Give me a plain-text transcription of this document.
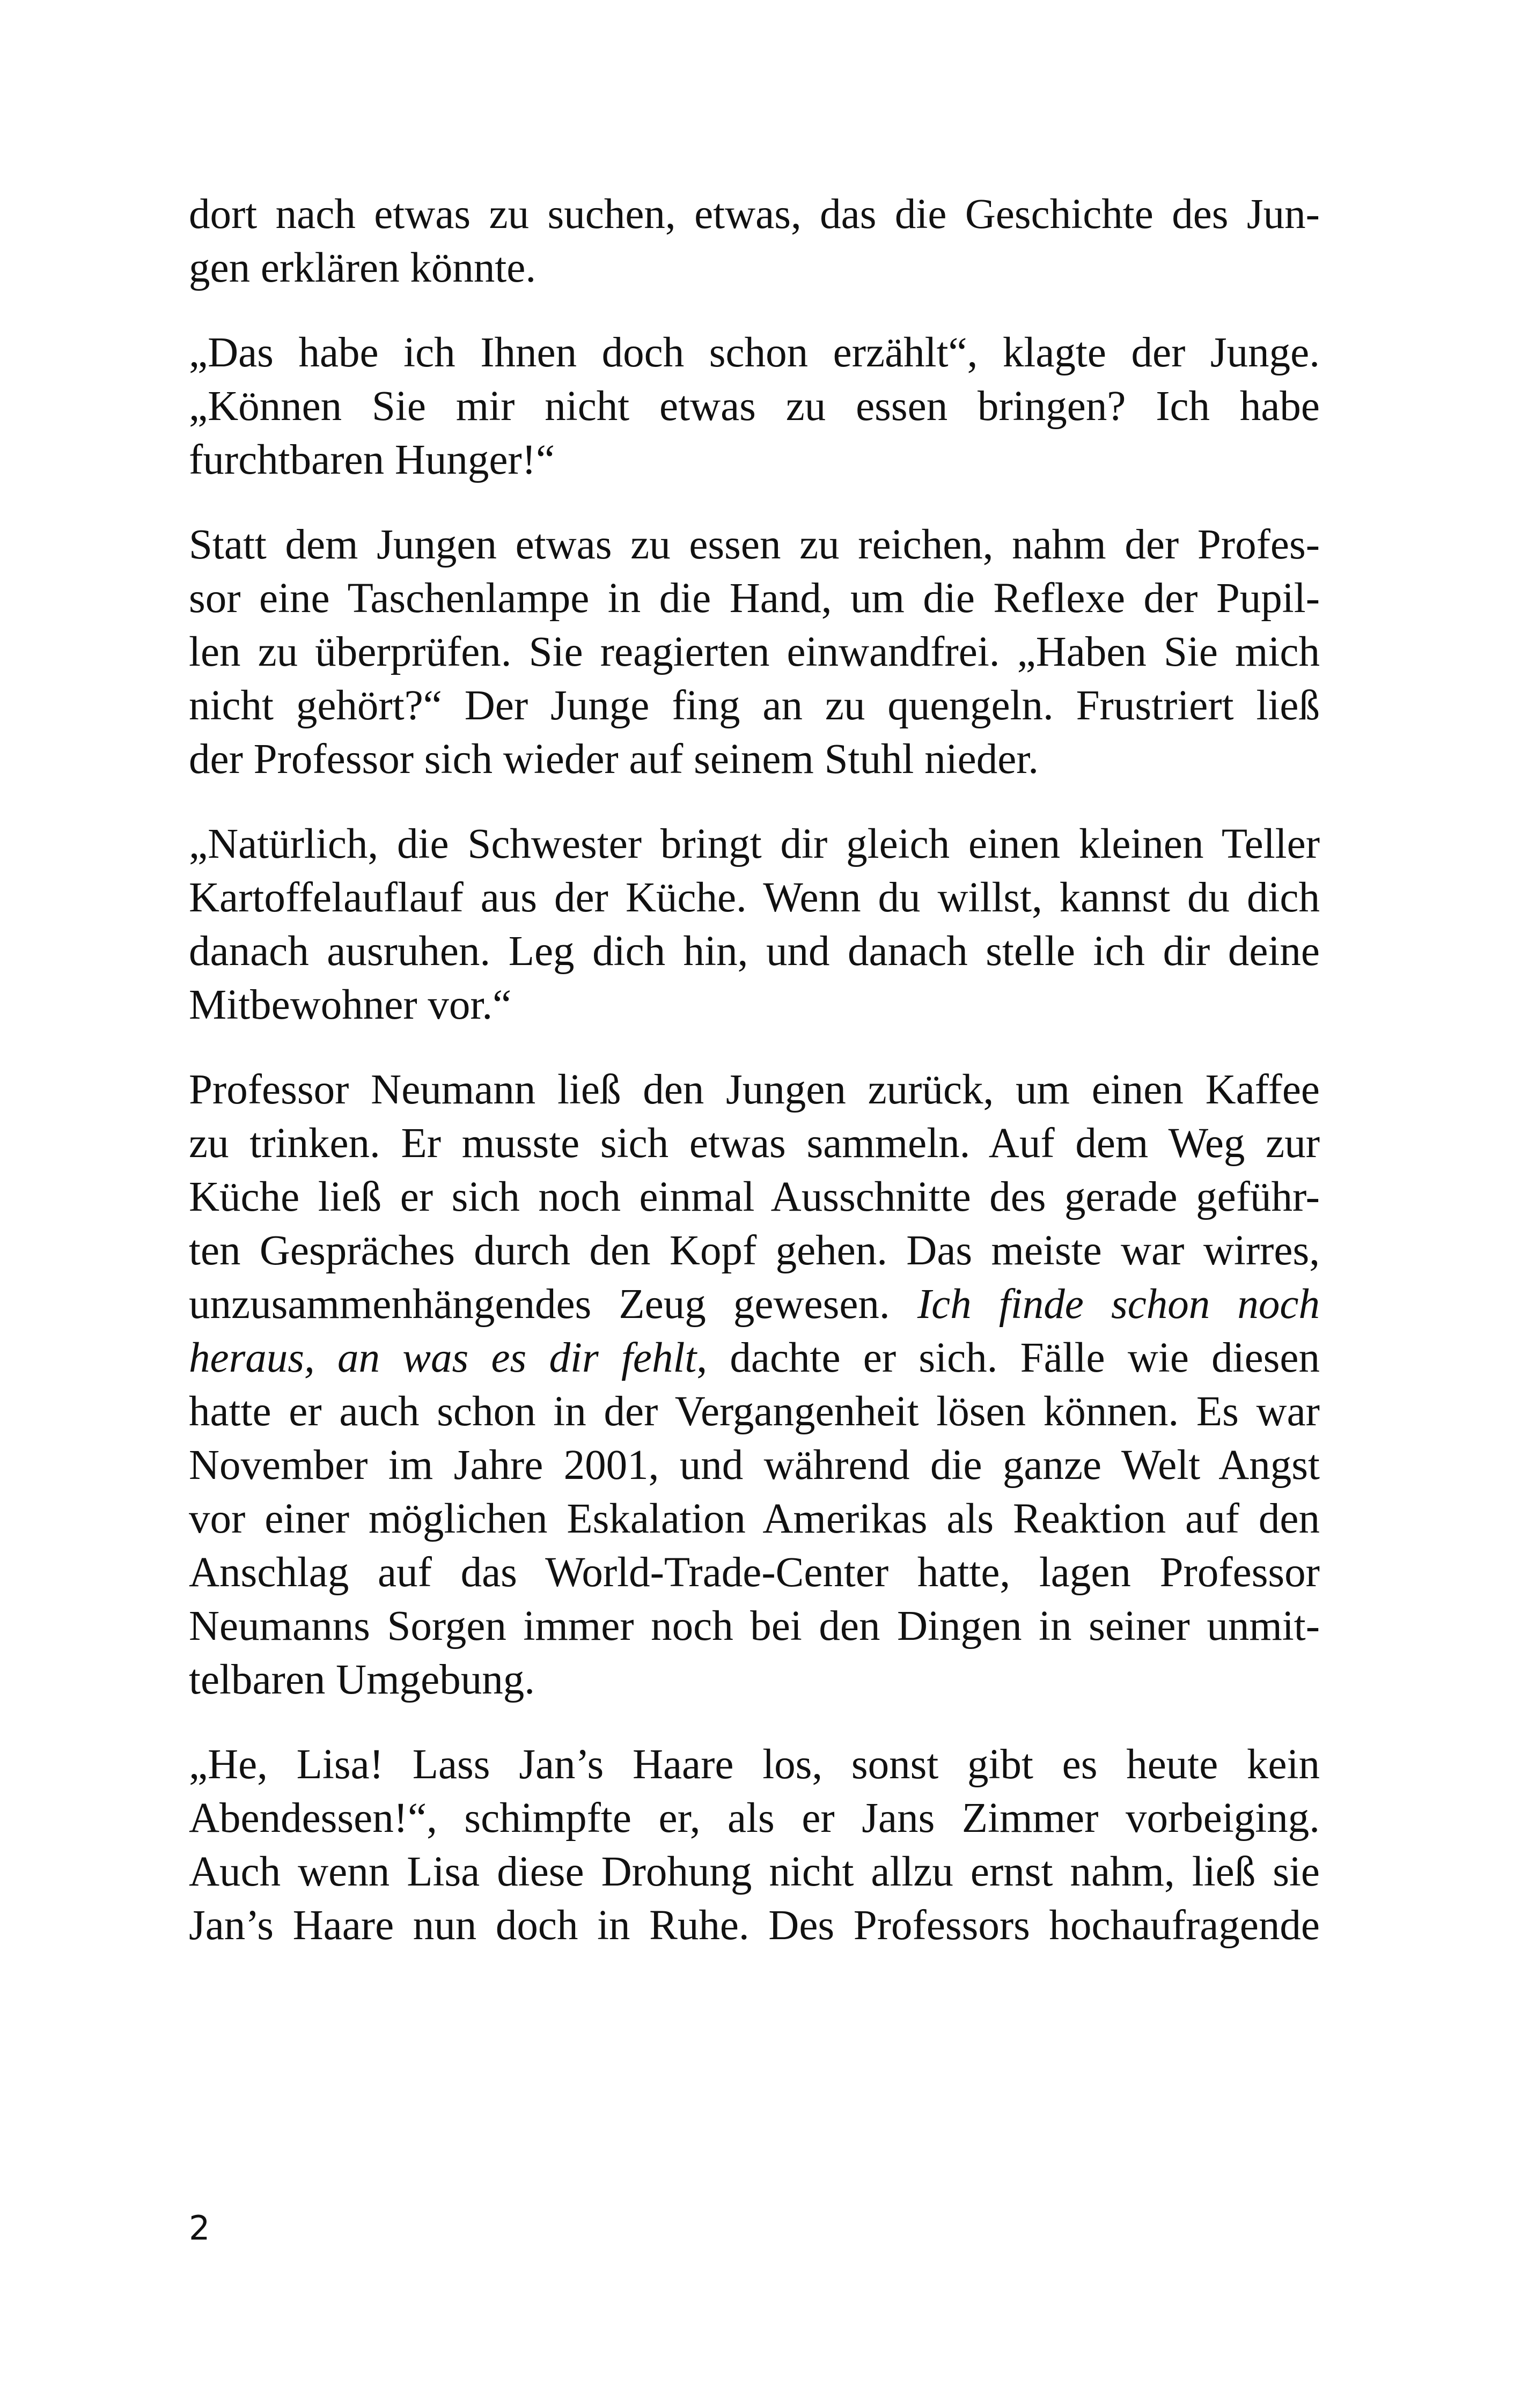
dort nach etwas zu suchen, etwas, das die Geschichte des Jun-
gen erklären könnte.

„Das habe ich Ihnen doch schon erzählt“, klagte der Junge.
„Können Sie mir nicht etwas zu essen bringen? Ich habe
furchtbaren Hunger!“

Statt dem Jungen etwas zu essen zu reichen, nahm der Profes-
sor eine Taschenlampe in die Hand, um die Reflexe der Pupil-
len zu überprüfen. Sie reagierten einwandfrei. „Haben Sie mich
nicht gehört?“ Der Junge fing an zu quengeln. Frustriert ließ
der Professor sich wieder auf seinem Stuhl nieder.

„Natürlich, die Schwester bringt dir gleich einen kleinen Teller
Kartoffelauflauf aus der Küche. Wenn du willst, kannst du dich
danach ausruhen. Leg dich hin, und danach stelle ich dir deine
Mitbewohner vor.“

Professor Neumann ließ den Jungen zurück, um einen Kaffee
zu trinken. Er musste sich etwas sammeln. Auf dem Weg zur
Küche ließ er sich noch einmal Ausschnitte des gerade geführ-
ten Gespräches durch den Kopf gehen. Das meiste war wirres,
unzusammenhängendes Zeug gewesen. Ich finde schon noch
heraus, an was es dir fehlt, dachte er sich. Fälle wie diesen
hatte er auch schon in der Vergangenheit lösen können. Es war
November im Jahre 2001, und während die ganze Welt Angst
vor einer möglichen Eskalation Amerikas als Reaktion auf den
Anschlag auf das World-Trade-Center hatte, lagen Professor
Neumanns Sorgen immer noch bei den Dingen in seiner unmit-
telbaren Umgebung.

„He, Lisa! Lass Jan’s Haare los, sonst gibt es heute kein
Abendessen!“, schimpfte er, als er Jans Zimmer vorbeiging.
Auch wenn Lisa diese Drohung nicht allzu ernst nahm, ließ sie
Jan’s Haare nun doch in Ruhe. Des Professors hochaufragende

2
